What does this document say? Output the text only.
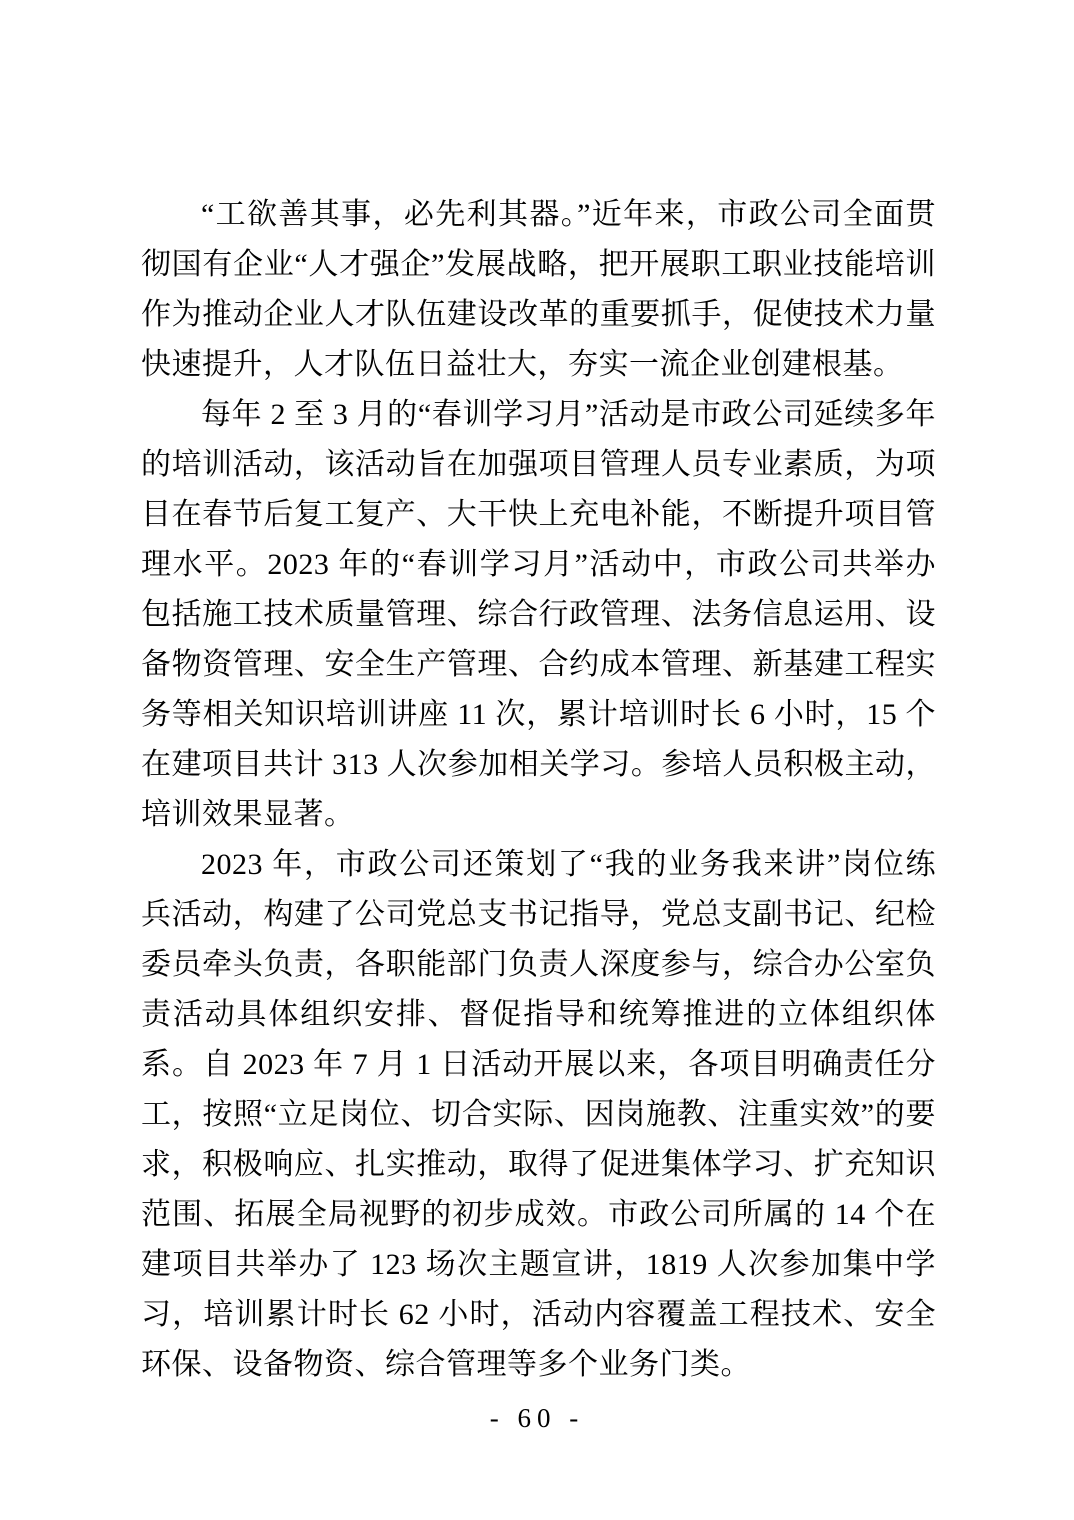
“工欲善其事，必先利其器。”近年来，市政公司全面贯彻国有企业“人才强企”发展战略，把开展职工职业技能培训作为推动企业人才队伍建设改革的重要抓手，促使技术力量快速提升，人才队伍日益壮大，夯实一流企业创建根基。

每年 2 至 3 月的“春训学习月”活动是市政公司延续多年的培训活动，该活动旨在加强项目管理人员专业素质，为项目在春节后复工复产、大干快上充电补能，不断提升项目管理水平。2023 年的“春训学习月”活动中，市政公司共举办包括施工技术质量管理、综合行政管理、法务信息运用、设备物资管理、安全生产管理、合约成本管理、新基建工程实务等相关知识培训讲座 11 次，累计培训时长 6 小时，15 个在建项目共计 313 人次参加相关学习。参培人员积极主动，培训效果显著。

2023 年，市政公司还策划了“我的业务我来讲”岗位练兵活动，构建了公司党总支书记指导，党总支副书记、纪检委员牵头负责，各职能部门负责人深度参与，综合办公室负责活动具体组织安排、督促指导和统筹推进的立体组织体系。自 2023 年 7 月 1 日活动开展以来，各项目明确责任分工，按照“立足岗位、切合实际、因岗施教、注重实效”的要求，积极响应、扎实推动，取得了促进集体学习、扩充知识范围、拓展全局视野的初步成效。市政公司所属的 14 个在建项目共举办了 123 场次主题宣讲，1819 人次参加集中学习，培训累计时长 62 小时，活动内容覆盖工程技术、安全环保、设备物资、综合管理等多个业务门类。

- 60 -
